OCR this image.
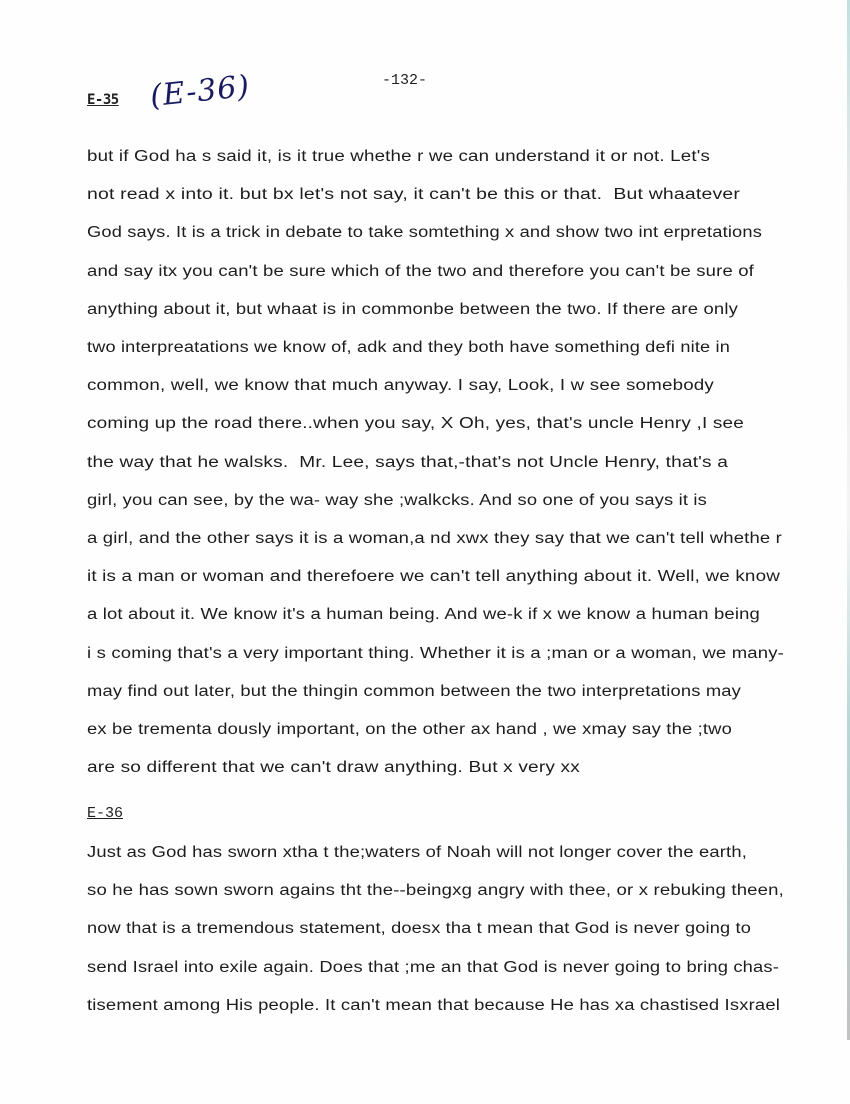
E-35 (E-36)	-132-
but if God ha s said it, is it true whethe r we can understand it or not. Let's
not read x into it. but bx let's not say, it can't be this or that.  But whaatever
God says. It is a trick in debate to take somtething x and show two int erpretations
and say itx you can't be sure which of the two and therefore you can't be sure of
anything about it, but whaat is in commonbe between the two. If there are only
two interpreatations we know of, adk and they both have something defi nite in
common, well, we know that much anyway. I say, Look, I w see somebody
coming up the road there..when you say, X Oh, yes, that's uncle Henry ,I see
the way that he walsks.  Mr. Lee, says that,-that's not Uncle Henry, that's a
girl, you can see, by the wa- way she ;walkcks. And so one of you says it is
a girl, and the other says it is a woman,a nd xwx they say that we can't tell whethe r
it is a man or woman and therefoere we can't tell anything about it. Well, we know
a lot about it. We know it's a human being. And we-k if x we know a human being
i s coming that's a very important thing. Whether it is a ;man or a woman, we many-
may find out later, but the thingin common between the two interpretations may
ex be trementa dously important, on the other ax hand , we xmay say the ;two
are so different that we can't draw anything. But x very xx
E-36
Just as God has sworn xtha t the;waters of Noah will not longer cover the earth,
so he has sown sworn agains tht the--beingxg angry with thee, or x rebuking theen,
now that is a tremendous statement, doesx tha t mean that God is never going to
send Israel into exile again. Does that ;me an that God is never going to bring chas-
tisement among His people. It can't mean that because He has xa chastised Isxrael
